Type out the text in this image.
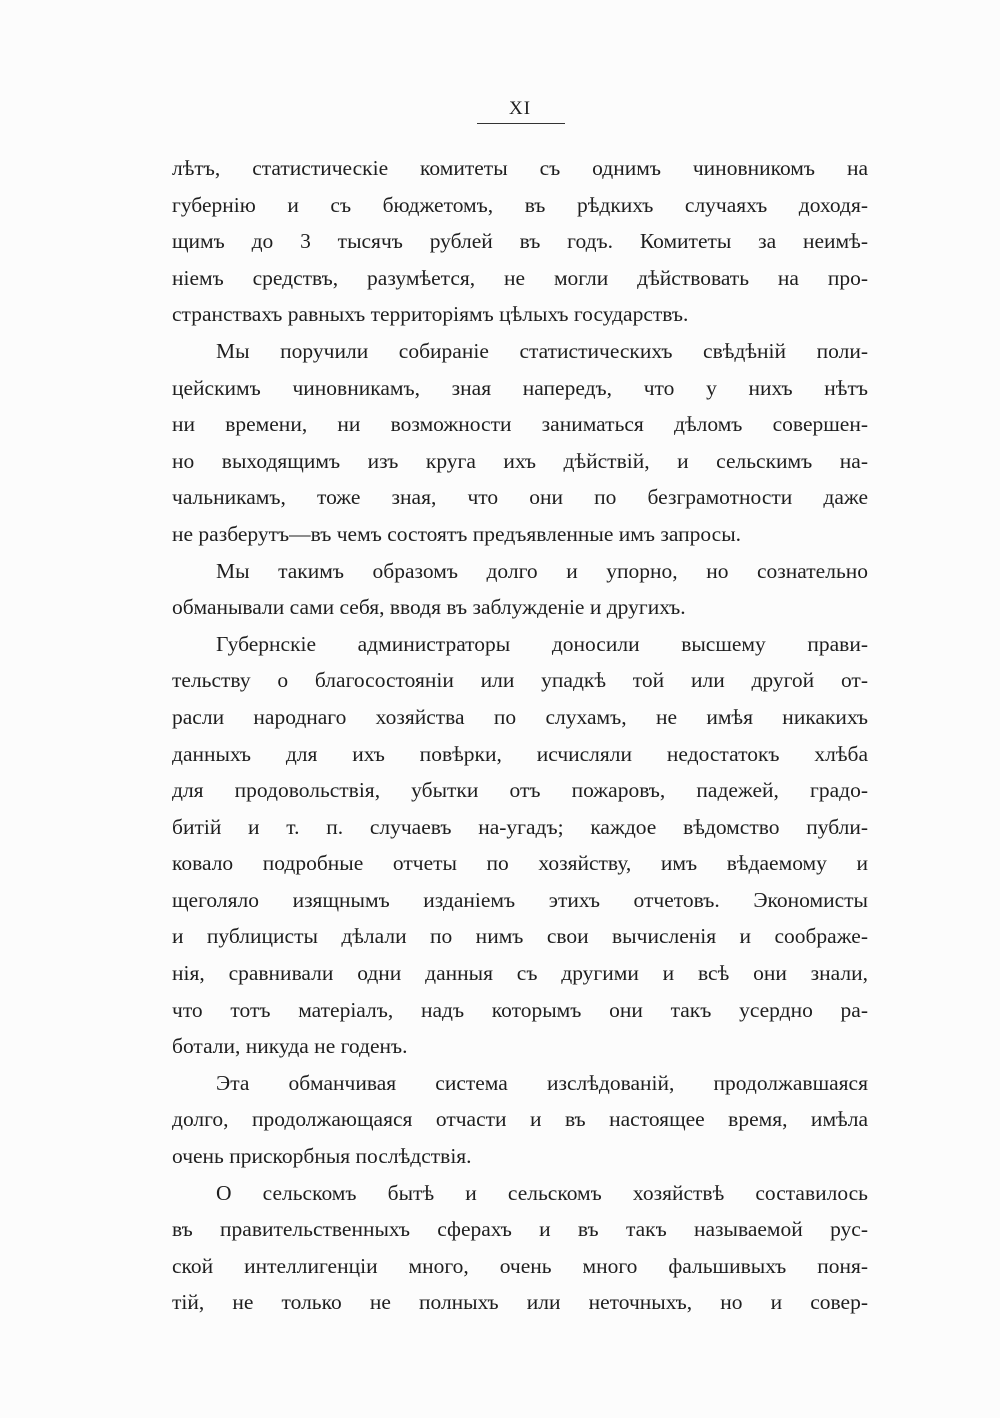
XI
лѣтъ, статистическіе комитеты съ однимъ чиновникомъ на
губернію и съ бюджетомъ, въ рѣдкихъ случаяхъ доходя-
щимъ до 3 тысячъ рублей въ годъ. Комитеты за неимѣ-
ніемъ средствъ, разумѣется, не могли дѣйствовать на про-
странствахъ равныхъ территоріямъ цѣлыхъ государствъ.
Мы поручили собираніе статистическихъ свѣдѣній поли-
цейскимъ чиновникамъ, зная напередъ, что у нихъ нѣтъ
ни времени, ни возможности заниматься дѣломъ совершен-
но выходящимъ изъ круга ихъ дѣйствій, и сельскимъ на-
чальникамъ, тоже зная, что они по безграмотности даже
не разберутъ—въ чемъ состоятъ предъявленные имъ запросы.
Мы такимъ образомъ долго и упорно, но сознательно
обманывали сами себя, вводя въ заблужденіе и другихъ.
Губернскіе администраторы доносили высшему прави-
тельству о благосостояніи или упадкѣ той или другой от-
расли народнаго хозяйства по слухамъ, не имѣя никакихъ
данныхъ для ихъ повѣрки, исчисляли недостатокъ хлѣба
для продовольствія, убытки отъ пожаровъ, падежей, градо-
битій и т. п. случаевъ на-угадъ; каждое вѣдомство публи-
ковало подробные отчеты по хозяйству, имъ вѣдаемому и
щеголяло изящнымъ изданіемъ этихъ отчетовъ. Экономисты
и публицисты дѣлали по нимъ свои вычисленія и соображе-
нія, сравнивали одни данныя съ другими и всѣ они знали,
что тотъ матеріалъ, надъ которымъ они такъ усердно ра-
ботали, никуда не годенъ.
Эта обманчивая система изслѣдованій, продолжавшаяся
долго, продолжающаяся отчасти и въ настоящее время, имѣла
очень прискорбныя послѣдствія.
О сельскомъ бытѣ и сельскомъ хозяйствѣ составилось
въ правительственныхъ сферахъ и въ такъ называемой рус-
ской интеллигенціи много, очень много фальшивыхъ поня-
тій, не только не полныхъ или неточныхъ, но и совер-
